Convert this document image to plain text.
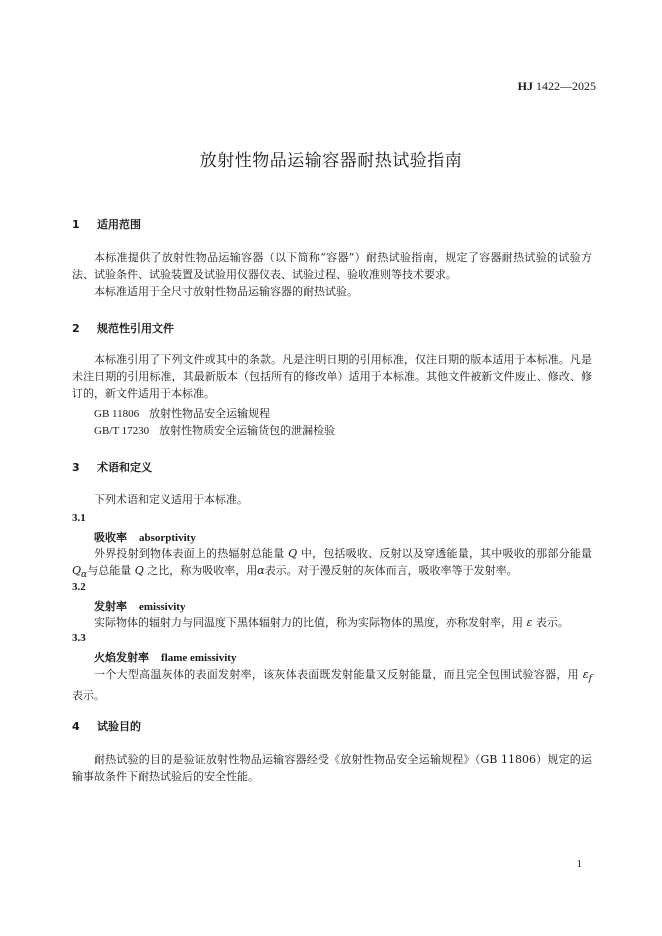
HJ 1422—2025
放射性物品运输容器耐热试验指南
1 适用范围
本标准提供了放射性物品运输容器（以下简称“容器”）耐热试验指南，规定了容器耐热试验的试验方法、试验条件、试验装置及试验用仪器仪表、试验过程、验收准则等技术要求。
本标准适用于全尺寸放射性物品运输容器的耐热试验。
2 规范性引用文件
本标准引用了下列文件或其中的条款。凡是注明日期的引用标准，仅注日期的版本适用于本标准。凡是未注日期的引用标准，其最新版本（包括所有的修改单）适用于本标准。其他文件被新文件废止、修改、修订的，新文件适用于本标准。
GB 11806 放射性物品安全运输规程
GB/T 17230 放射性物质安全运输货包的泄漏检验
3 术语和定义
下列术语和定义适用于本标准。
3.1
吸收率 absorptivity
外界投射到物体表面上的热辐射总能量 Q 中，包括吸收、反射以及穿透能量，其中吸收的那部分能量 $Q_\alpha$与总能量 Q 之比，称为吸收率，用α表示。对于漫反射的灰体而言，吸收率等于发射率。
3.2
发射率 emissivity
实际物体的辐射力与同温度下黑体辐射力的比值，称为实际物体的黑度，亦称发射率，用 ε 表示。
3.3
火焰发射率 flame emissivity
一个大型高温灰体的表面发射率，该灰体表面既发射能量又反射能量，而且完全包围试验容器，用 $\varepsilon_f$ 表示。
4 试验目的
耐热试验的目的是验证放射性物品运输容器经受《放射性物品安全运输规程》（GB 11806）规定的运输事故条件下耐热试验后的安全性能。
1
